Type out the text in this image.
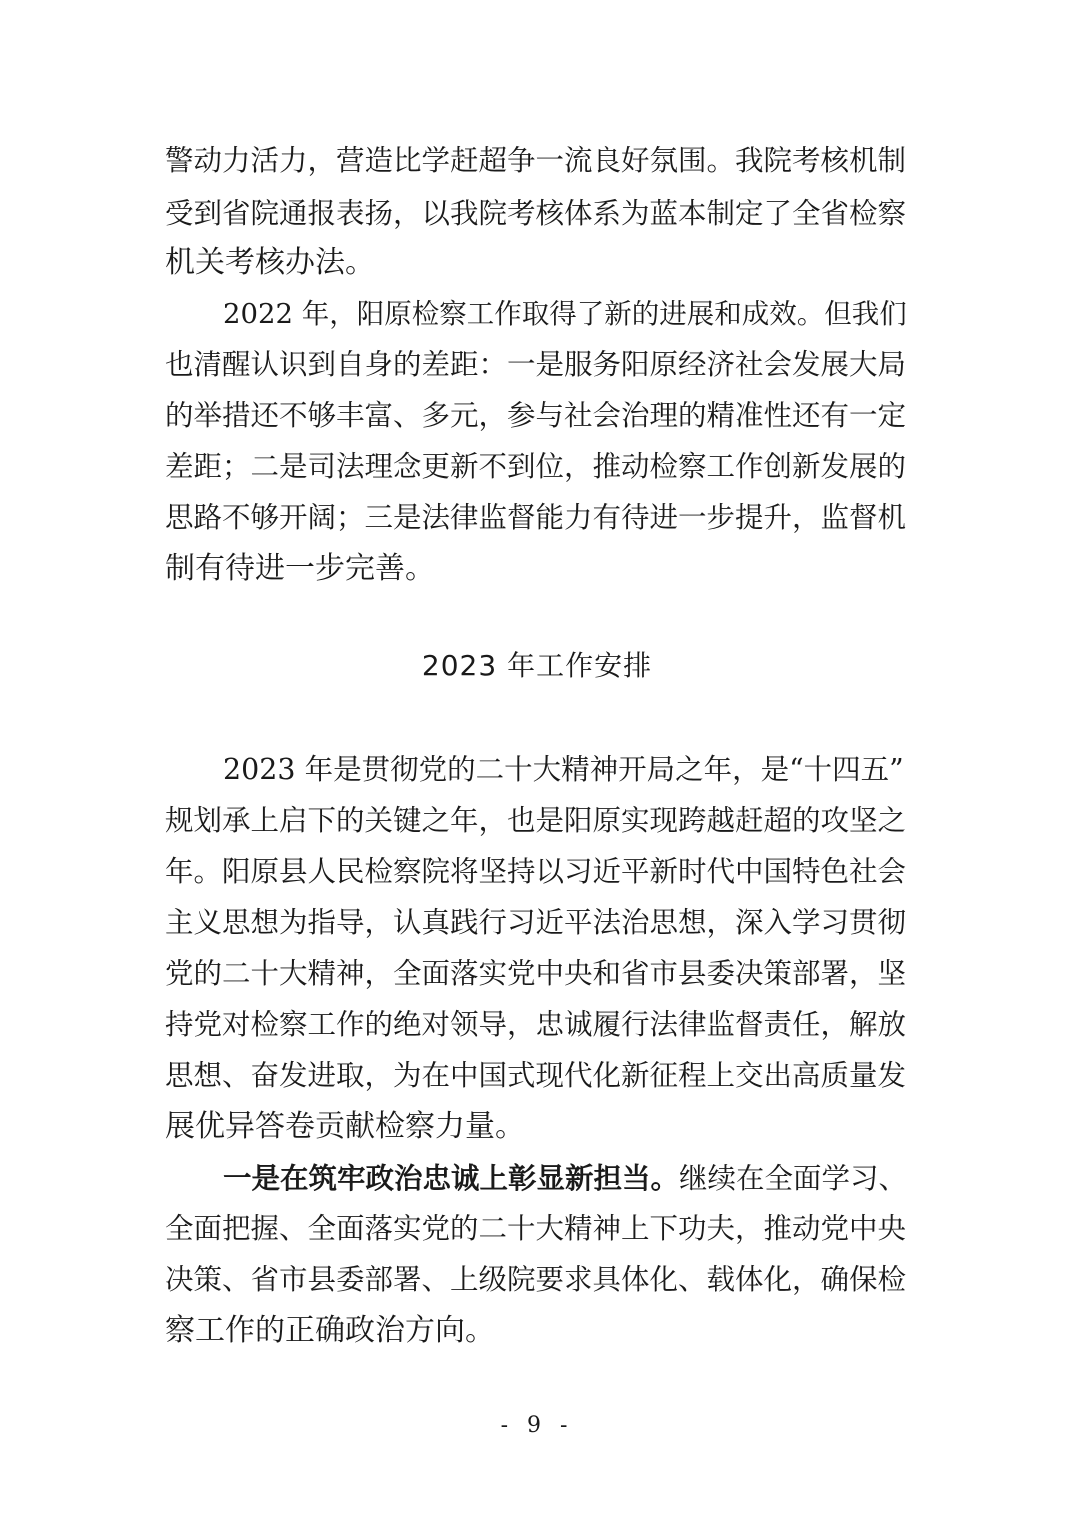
警动力活力，营造比学赶超争一流良好氛围。我院考核机制
受到省院通报表扬，以我院考核体系为蓝本制定了全省检察
机关考核办法。
2022 年，阳原检察工作取得了新的进展和成效。但我们
也清醒认识到自身的差距：一是服务阳原经济社会发展大局
的举措还不够丰富、多元，参与社会治理的精准性还有一定
差距；二是司法理念更新不到位，推动检察工作创新发展的
思路不够开阔；三是法律监督能力有待进一步提升，监督机
制有待进一步完善。
2023 年工作安排
2023 年是贯彻党的二十大精神开局之年，是“十四五”
规划承上启下的关键之年，也是阳原实现跨越赶超的攻坚之
年。阳原县人民检察院将坚持以习近平新时代中国特色社会
主义思想为指导，认真践行习近平法治思想，深入学习贯彻
党的二十大精神，全面落实党中央和省市县委决策部署，坚
持党对检察工作的绝对领导，忠诚履行法律监督责任，解放
思想、奋发进取，为在中国式现代化新征程上交出高质量发
展优异答卷贡献检察力量。
一是在筑牢政治忠诚上彰显新担当。继续在全面学习、
全面把握、全面落实党的二十大精神上下功夫，推动党中央
决策、省市县委部署、上级院要求具体化、载体化，确保检
察工作的正确政治方向。
- 9 -
